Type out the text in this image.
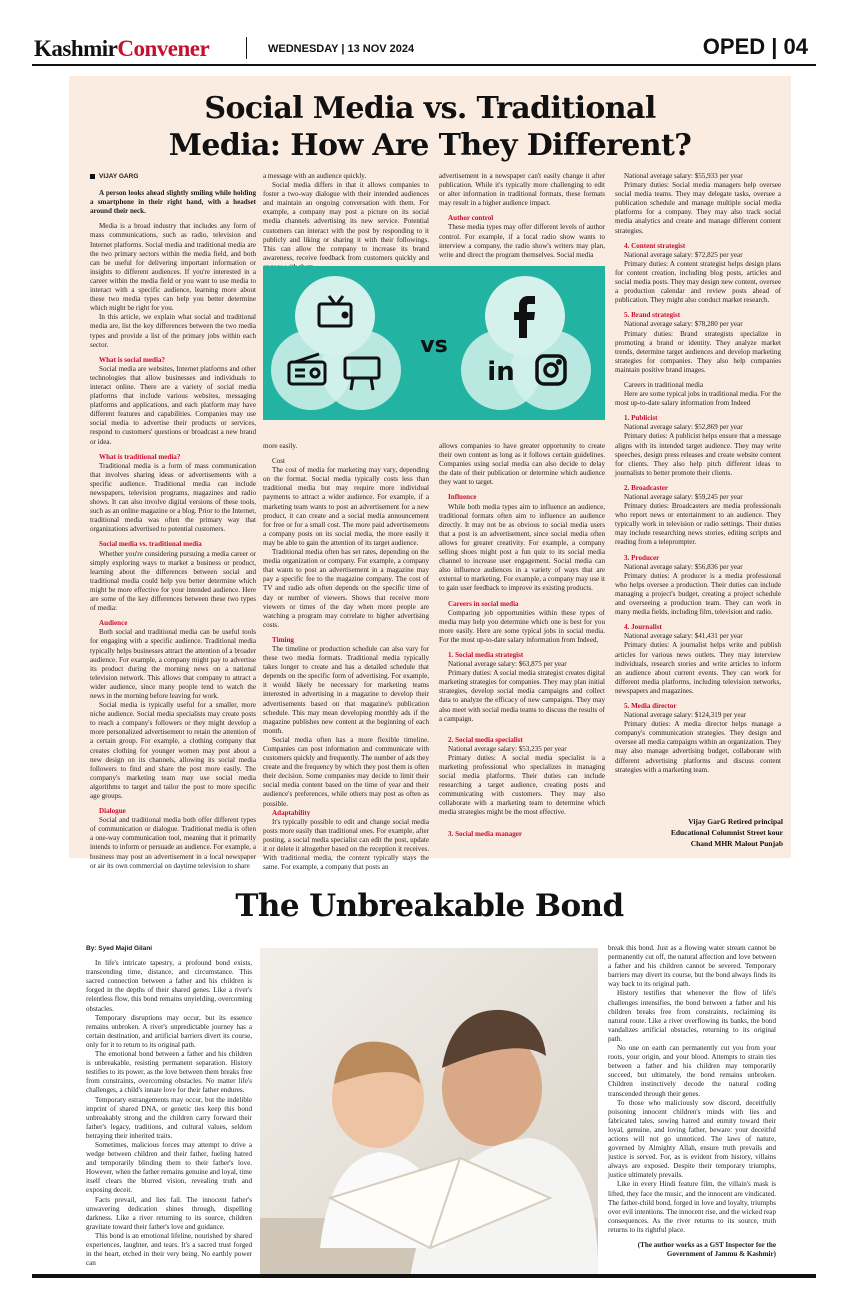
KashmirConvener	WEDNESDAY | 13 NOV 2024	OPED | 04
Social Media vs. Traditional
Media: How Are They Different?
VIJAY GARG

A person looks ahead slightly smiling while holding a smartphone in their right hand, with a headset around their neck.

Media is a broad industry that includes any form of mass communications, such as radio, television and Internet platforms. Social media and traditional media are the two primary sectors within the media field, and both can be useful for delivering important information or insights to different audiences. If you're interested in a career within the media field or you want to use media to interact with a specific audience, learning more about these two media types can help you better determine which might be right for you.

In this article, we explain what social and traditional media are, list the key differences between the two media types and provide a list of the primary jobs within each sector.

What is social media?

Social media are websites, Internet platforms and other technologies that allow businesses and individuals to interact online. There are a variety of social media platforms that include various websites, messaging platforms and applications, and each platform may have different features and capabilities. Companies may use social media to advertise their products or services, respond to customers' questions or broadcast a new brand or idea.

What is traditional media?

Traditional media is a form of mass communication that involves sharing ideas or advertisements with a specific audience. Traditional media can include newspapers, television programs, magazines and radio shows. It can also involve digital versions of these tools, such as an online magazine or a blog. Prior to the Internet, traditional media was often the primary way that organizations advertised to potential customers.

Social media vs. traditional media

Whether you're considering pursuing a media career or simply exploring ways to market a business or product, learning about the differences between social and traditional media could help you better determine which might be more effective for your intended audience. Here are some of the key differences between these two types of media:

Audience

Both social and traditional media can be useful tools for engaging with a specific audience. Traditional media typically helps businesses attract the attention of a broader audience. For example, a company might pay to advertise its product during the morning news on a national television network. This allows that company to attract a wider audience, since many people tend to watch the news in the morning before leaving for work.

Social media is typically useful for a smaller, more niche audience. Social media specialists may create posts to reach a company's followers or they might develop a more personalized advertisement to retain the attention of a certain group. For example, a clothing company that creates clothing for younger women may post about a new design on its channels, allowing its social media followers to find and share the post more easily. The company's marketing team may use social media algorithms to target and tailor the post to more specific age groups.

Dialogue

Social and traditional media both offer different types of communication or dialogue. Traditional media is often a one-way communication tool, meaning that it primarily intends to inform or persuade an audience. For example, a business may post an advertisement in a local newspaper or air its own commercial on daytime television to share

a message with an audience quickly.

Social media differs in that it allows companies to foster a two-way dialogue with their intended audiences and maintain an ongoing conversation with them. For example, a company may post a picture on its social media channels advertising its new service. Potential customers can interact with the post by responding to it publicly and liking or sharing it with their followings. This can allow the company to increase its brand awareness, receive feedback from customers quickly and

advertisement in a newspaper can't easily change it after publication. While it's typically more challenging to edit or alter information in traditional formats, these formats may result in a higher audience impact.

Author control

These media types may offer different levels of author control. For example, if a local radio show wants to interview a company, the radio show's writers may plan, write and direct the program themselves. Social media

vs
in

more easily.

Cost

The cost of media for marketing may vary, depending on the format. Social media typically costs less than traditional media but may require more individual payments to attract a wider audience. For example, if a marketing team wants to post an advertisement for a new product, it can create and a social media announcement for free or for a small cost. The more paid advertisements a company posts on its social media, the more easily it may be able to gain the attention of its target audience.

Traditional media often has set rates, depending on the media organization or company. For example, a company that wants to post an advertisement in a magazine may pay a specific fee to the magazine company. The cost of TV and radio ads often depends on the specific time of day or number of viewers. Shows that receive more viewers or times of the day when more people are watching a program may correlate to higher advertising costs.

Timing

The timeline or production schedule can also vary for these two media formats. Traditional media typically takes longer to create and has a detailed schedule that depends on the specific form of advertising. For example, it would likely be necessary for marketing teams interested in advertising in a magazine to develop their advertisements based on that magazine's publication schedule. This may mean developing monthly ads if the magazine publishes new content at the beginning of each month.

Social media often has a more flexible timeline. Companies can post information and communicate with customers quickly and frequently. The number of ads they create and the frequency by which they post them is often their decision. Some companies may decide to limit their social media content based on the time of year and their audience's preferences, while others may post as often as possible.

Adaptability

It's typically possible to edit and change social media posts more easily than traditional ones. For example, after posting, a social media specialist can edit the post, update it or delete it altogether based on the reception it receives. With traditional media, the content typically stays the same. For example, a company that posts an

allows companies to have greater opportunity to create their own content as long as it follows certain guidelines. Companies using social media can also decide to delay the date of their publication or determine which audience they want to target.

Influence

While both media types aim to influence an audience, traditional formats often aim to influence an audience directly. It may not be as obvious to social media users that a post is an advertisement, since social media often allows for greater creativity. For example, a company selling shoes might post a fun quiz to its social media channel to increase user engagement. Social media can also influence audiences in a variety of ways that are external to marketing. For example, a company may use it to gain user feedback to improve its existing products.

Careers in social media

Comparing job opportunities within these types of media may help you determine which one is best for you more easily. Here are some typical jobs in social media. For the most up-to-date salary information from Indeed,

1. Social media strategist

National average salary: $63,875 per year

Primary duties: A social media strategist creates digital marketing strategies for companies. They may plan initial strategies, develop social media campaigns and collect data to analyze the efficacy of new campaigns. They may also meet with social media teams to discuss the results of a campaign.

2. Social media specialist

National average salary: $53,235 per year

Primary duties: A social media specialist is a marketing professional who specializes in managing social media platforms. Their duties can include researching a target audience, creating posts and communicating with customers. They may also collaborate with a marketing team to determine which media strategies might be the most effective.

3. Social media manager

National average salary: $55,933 per year

Primary duties: Social media managers help oversee social media teams. They may delegate tasks, oversee a publication schedule and manage multiple social media platforms for a company. They may also track social media analytics and create and manage different content strategies.

4. Content strategist

National average salary: $72,825 per year

Primary duties: A content strategist helps design plans for content creation, including blog posts, articles and social media posts. They may design new content, oversee a production calendar and review posts ahead of publication. They might also conduct market research.

5. Brand strategist

National average salary: $78,280 per year

Primary duties: Brand strategists specialize in promoting a brand or identity. They analyze market trends, determine target audiences and develop marketing strategies for companies. They also help companies maintain positive brand images.

Careers in traditional media

Here are some typical jobs in traditional media. For the most up-to-date salary information from Indeed

1. Publicist

National average salary: $52,869 per year

Primary duties: A publicist helps ensure that a message aligns with its intended target audience. They may write speeches, design press releases and create website content for clients. They also help pitch different ideas to journalists to better promote their clients.

2. Broadcaster

National average salary: $59,245 per year

Primary duties: Broadcasters are media professionals who report news or entertainment to an audience. They typically work in television or radio settings. Their duties may include researching news stories, editing scripts and reading from a teleprompter.

3. Producer

National average salary: $56,836 per year

Primary duties: A producer is a media professional who helps oversee a production. Their duties can include managing a project's budget, creating a project schedule and overseeing a production team. They can work in many media fields, including film, television and radio.

4. Journalist

National average salary: $41,431 per year

Primary duties: A journalist helps write and publish articles for various news outlets. They may interview individuals, research stories and write articles to inform an audience about current events. They can work for different media platforms, including television networks, newspapers and magazines.

5. Media director

National average salary: $124,319 per year

Primary duties: A media director helps manage a company's communication strategies. They design and oversee all media campaigns within an organization. They may also manage advertising budget, collaborate with different advertising platforms and discuss content strategies with a marketing team.

Vijay GarG Retired principal
Educational Columnist Street kour
Chand MHR Malout Punjab
The Unbreakable Bond
By: Syed Majid Gilani

In life's intricate tapestry, a profound bond exists, transcending time, distance, and circumstance. This sacred connection between a father and his children is forged in the depths of their shared genes. Like a river's relentless flow, this bond remains unyielding, overcoming obstacles.

Temporary disruptions may occur, but its essence remains unbroken. A river's unpredictable journey has a certain destination, and artificial barriers divert its course, only for it to return to its original path.

The emotional bond between a father and his children is unbreakable, resisting permanent separation. History testifies to its power, as the love between them breaks free from constraints, overcoming obstacles. No matter life's challenges, a child's innate love for their father endures.

Temporary estrangements may occur, but the indelible imprint of shared DNA, or genetic ties keep this bond unbreakably strong and the children carry forward their father's legacy, traditions, and cultural values, seldom betraying their inherited traits.

Sometimes, malicious forces may attempt to drive a wedge between children and their father, fueling hatred and temporarily blinding them to their father's love. However, when the father remains genuine and loyal, time itself clears the blurred vision, revealing truth and exposing deceit.

Facts prevail, and lies fail. The innocent father's unwavering dedication shines through, dispelling darkness. Like a river returning to its source, children gravitate toward their father's love and guidance.

This bond is an emotional lifeline, nourished by shared experiences, laughter, and tears. It's a sacred trust forged in the heart, etched in their very being. No earthly power can

break this bond. Just as a flowing water stream cannot be permanently cut off, the natural affection and love between a father and his children cannot be severed. Temporary barriers may divert its course, but the bond always finds its way back to its original path.

History testifies that whenever the flow of life's challenges intensifies, the bond between a father and his children breaks free from constraints, reclaiming its natural route. Like a river overflowing its banks, the bond vandalizes artificial obstacles, returning to its original path.

No one on earth can permanently cut you from your roots, your origin, and your blood. Attempts to strain ties between a father and his children may temporarily succeed, but ultimately, the bond remains unbroken. Children instinctively decode the natural coding transcended through their genes.

To those who maliciously sow discord, deceitfully poisoning innocent children's minds with lies and fabricated tales, sowing hatred and enmity toward their loyal, genuine, and loving father, beware: your deceitful actions will not go unnoticed. The laws of nature, governed by Almighty Allah, ensure truth prevails and justice is served. For, as is evident from history, villains always are exposed. Despite their temporary triumphs, justice ultimately prevails.

Like in every Hindi feature film, the villain's mask is lifted, they face the music, and the innocent are vindicated. The father-child bond, forged in love and loyalty, triumphs over evil intentions. The innocent rise, and the wicked reap consequences. As the river returns to its source, truth returns to its rightful place.

(The author works as a GST Inspector for the Government of Jammu & Kashmir)
